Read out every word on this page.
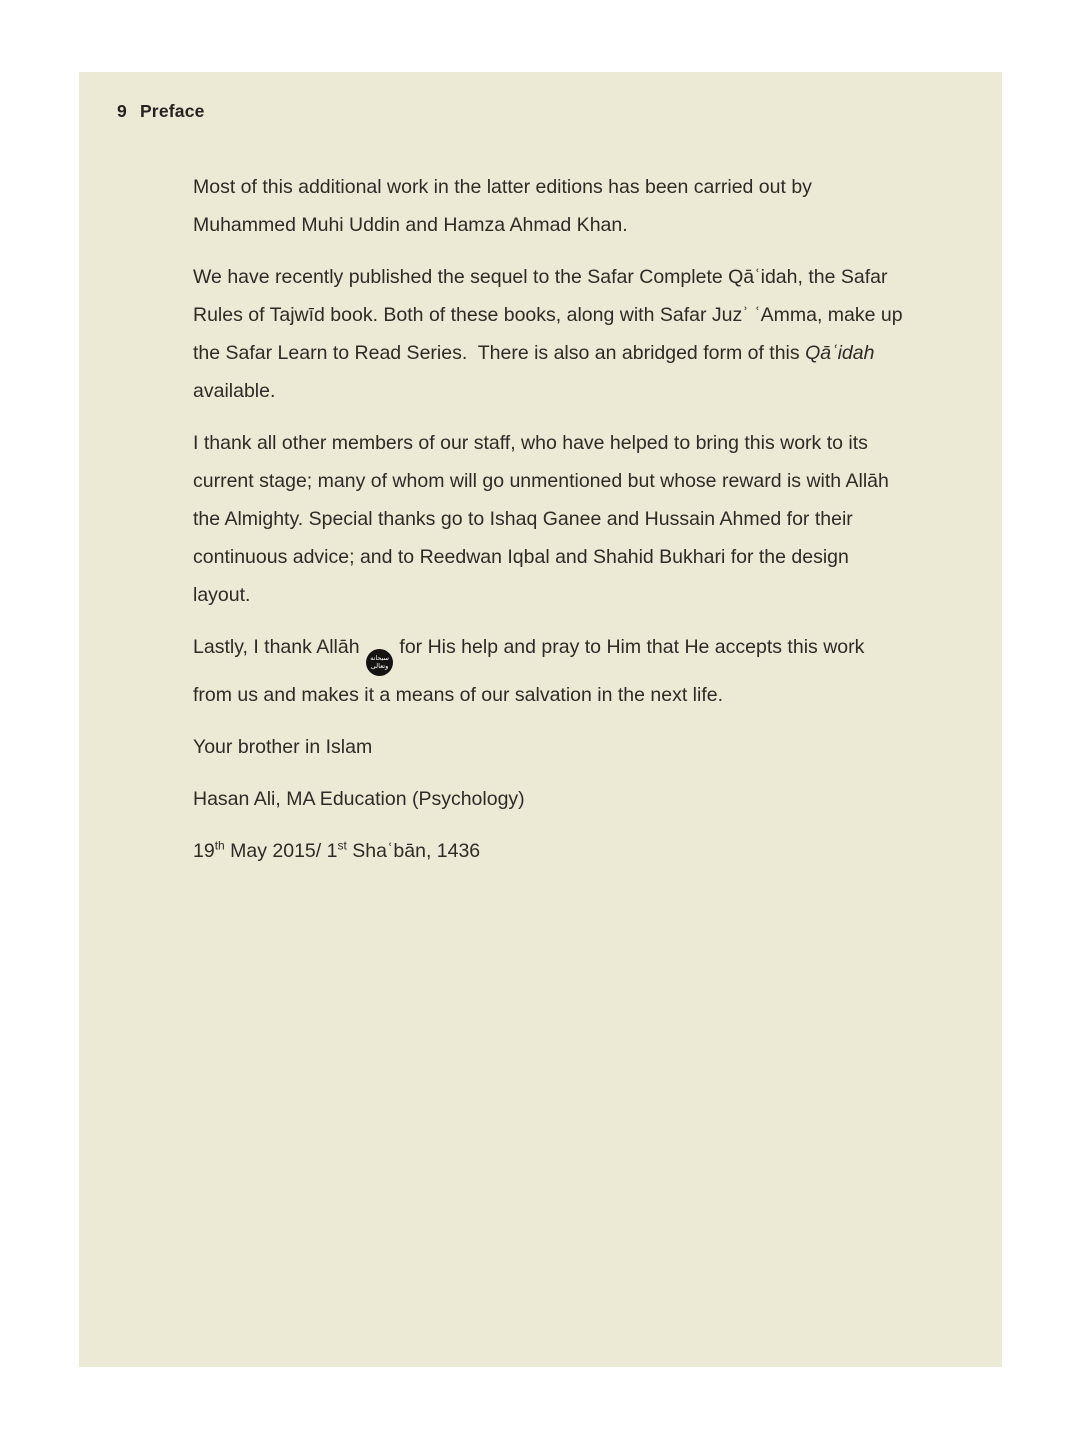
9 Preface

Most of this additional work in the latter editions has been carried out by Muhammed Muhi Uddin and Hamza Ahmad Khan.

We have recently published the sequel to the Safar Complete Qāʿidah, the Safar Rules of Tajwīd book. Both of these books, along with Safar Juzʾ ʿAmma, make up the Safar Learn to Read Series.  There is also an abridged form of this Qāʿidah available.

I thank all other members of our staff, who have helped to bring this work to its current stage; many of whom will go unmentioned but whose reward is with Allāh the Almighty. Special thanks go to Ishaq Ganee and Hussain Ahmed for their continuous advice; and to Reedwan Iqbal and Shahid Bukhari for the design layout.

Lastly, I thank Allāh سبحانه
وتعالى
for His help and pray to Him that He accepts this work from us and makes it a means of our salvation in the next life.

Your brother in Islam

Hasan Ali, MA Education (Psychology)

19th May 2015/ 1st Shaʿbān, 1436
